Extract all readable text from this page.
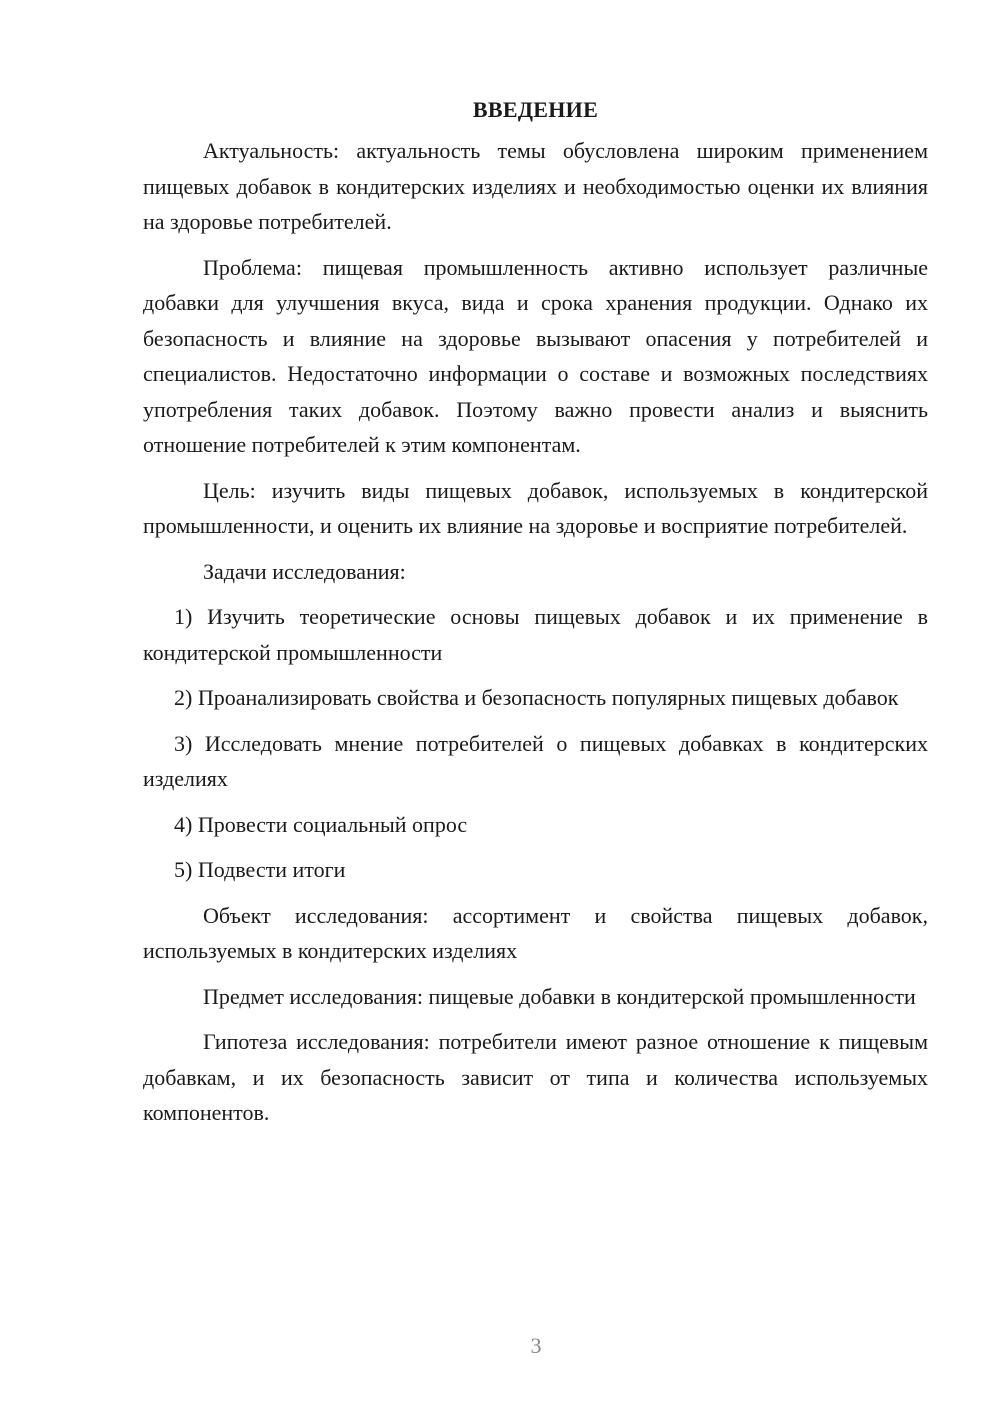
ВВЕДЕНИЕ
Актуальность: актуальность темы обусловлена широким применением пищевых добавок в кондитерских изделиях и необходимостью оценки их влияния на здоровье потребителей.
Проблема: пищевая промышленность активно использует различные добавки для улучшения вкуса, вида и срока хранения продукции. Однако их безопасность и влияние на здоровье вызывают опасения у потребителей и специалистов. Недостаточно информации о составе и возможных последствиях употребления таких добавок. Поэтому важно провести анализ и выяснить отношение потребителей к этим компонентам.
Цель: изучить виды пищевых добавок, используемых в кондитерской промышленности, и оценить их влияние на здоровье и восприятие потребителей.
Задачи исследования:
1) Изучить теоретические основы пищевых добавок и их применение в кондитерской промышленности
2) Проанализировать свойства и безопасность популярных пищевых добавок
3) Исследовать мнение потребителей о пищевых добавках в кондитерских изделиях
4) Провести социальный опрос
5) Подвести итоги
Объект исследования: ассортимент и свойства пищевых добавок, используемых в кондитерских изделиях
Предмет исследования: пищевые добавки в кондитерской промышленности
Гипотеза исследования: потребители имеют разное отношение к пищевым добавкам, и их безопасность зависит от типа и количества используемых компонентов.
3
